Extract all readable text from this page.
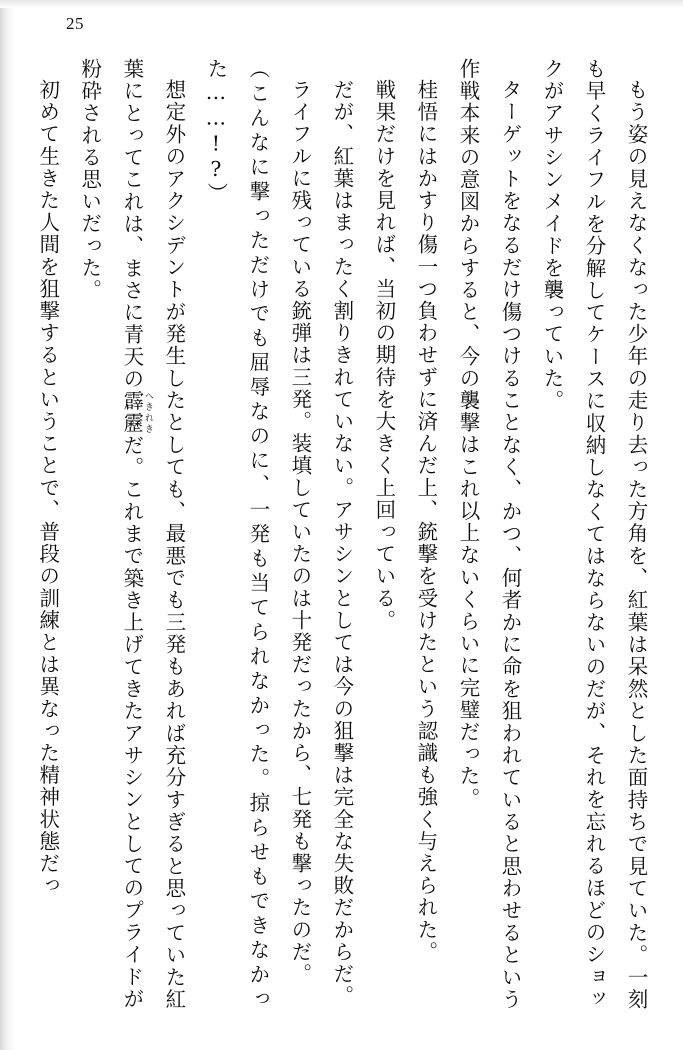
25

もう姿の見えなくなった少年の走り去った方角を、紅葉は呆然とした面持ちで見ていた。一刻も早くライフルを分解してケースに収納しなくてはならないのだが、それを忘れるほどのショックがアサシンメイドを襲っていた。

ターゲットをなるだけ傷つけることなく、かつ、何者かに命を狙われていると思わせるという作戦本来の意図からすると、今の襲撃はこれ以上ないくらいに完璧だった。

桂悟にはかすり傷一つ負わせずに済んだ上、銃撃を受けたという認識も強く与えられた。

戦果だけを見れば、当初の期待を大きく上回っている。

だが、紅葉はまったく割りきれていない。アサシンとしては今の狙撃は完全な失敗だからだ。

ライフルに残っている銃弾は三発。装填していたのは十発だったから、七発も撃ったのだ。

（こんなに撃っただけでも屈辱なのに、一発も当てられなかった。掠らせもできなかった……!?）

想定外のアクシデントが発生したとしても、最悪でも三発もあれば充分すぎると思っていた紅葉にとってこれは、まさに青天の霹靂 へきれきだ。これまで築き上げてきたアサシンとしてのプライドが粉砕される思いだった。

初めて生きた人間を狙撃するということで、普段の訓練とは異なった精神状態だっ
